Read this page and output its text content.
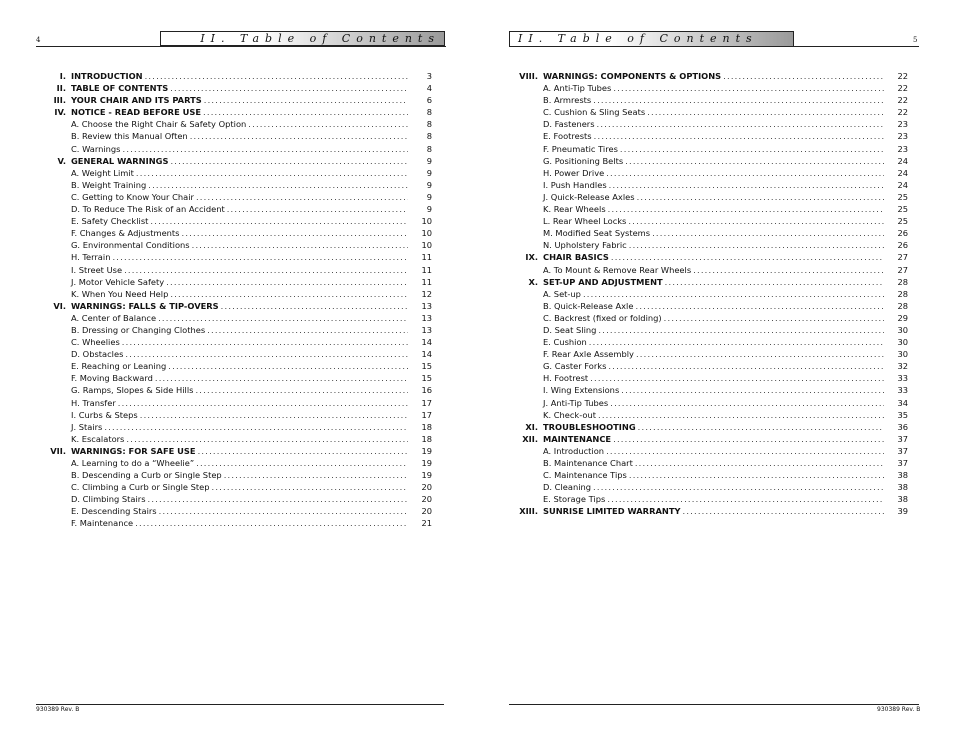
4	II. Table of Contents
I. INTRODUCTION .....	3
II. TABLE OF CONTENTS .....	4
III. YOUR CHAIR AND ITS PARTS .....	6
IV. NOTICE - READ BEFORE USE .....	8
A. Choose the Right Chair & Safety Option .....	8
B. Review this Manual Often .....	8
C. Warnings .....	8
V. GENERAL WARNINGS .....	9
A. Weight Limit .....	9
B. Weight Training .....	9
C. Getting to Know Your Chair .....	9
D. To Reduce The Risk of an Accident .....	9
E. Safety Checklist .....	10
F. Changes & Adjustments .....	10
G. Environmental Conditions .....	10
H. Terrain .....	11
I. Street Use .....	11
J. Motor Vehicle Safety .....	11
K. When You Need Help .....	12
VI. WARNINGS: FALLS & TIP-OVERS .....	13
A. Center of Balance .....	13
B. Dressing or Changing Clothes .....	13
C. Wheelies .....	14
D. Obstacles .....	14
E. Reaching or Leaning .....	15
F. Moving Backward .....	15
G. Ramps, Slopes & Side Hills .....	16
H. Transfer .....	17
I. Curbs & Steps .....	17
J. Stairs .....	18
K. Escalators .....	18
VII. WARNINGS: FOR SAFE USE .....	19
A. Learning to do a “Wheelie” .....	19
B. Descending a Curb or Single Step .....	19
C. Climbing a Curb or Single Step .....	20
D. Climbing Stairs .....	20
E. Descending Stairs .....	20
F. Maintenance .....	21
930389 Rev. B
5
II. Table of Contents
VIII. WARNINGS: COMPONENTS & OPTIONS .....	22
A. Anti-Tip Tubes .....	22
B. Armrests .....	22
C. Cushion & Sling Seats .....	22
D. Fasteners .....	23
E. Footrests .....	23
F. Pneumatic Tires .....	23
G. Positioning Belts .....	24
H. Power Drive .....	24
I. Push Handles .....	24
J. Quick-Release Axles .....	25
K. Rear Wheels .....	25
L. Rear Wheel Locks .....	25
M. Modified Seat Systems .....	26
N. Upholstery Fabric .....	26
IX. CHAIR BASICS .....	27
A. To Mount & Remove Rear Wheels .....	27
X. SET-UP AND ADJUSTMENT .....	28
A. Set-up .....	28
B. Quick-Release Axle .....	28
C. Backrest (fixed or folding) .....	29
D. Seat Sling .....	30
E. Cushion .....	30
F. Rear Axle Assembly .....	30
G. Caster Forks .....	32
H. Footrest .....	33
I. Wing Extensions .....	33
J. Anti-Tip Tubes .....	34
K. Check-out .....	35
XI. TROUBLESHOOTING .....	36
XII. MAINTENANCE .....	37
A. Introduction .....	37
B. Maintenance Chart .....	37
C. Maintenance Tips .....	38
D. Cleaning .....	38
E. Storage Tips .....	38
XIII. SUNRISE LIMITED WARRANTY .....	39
930389 Rev. B
